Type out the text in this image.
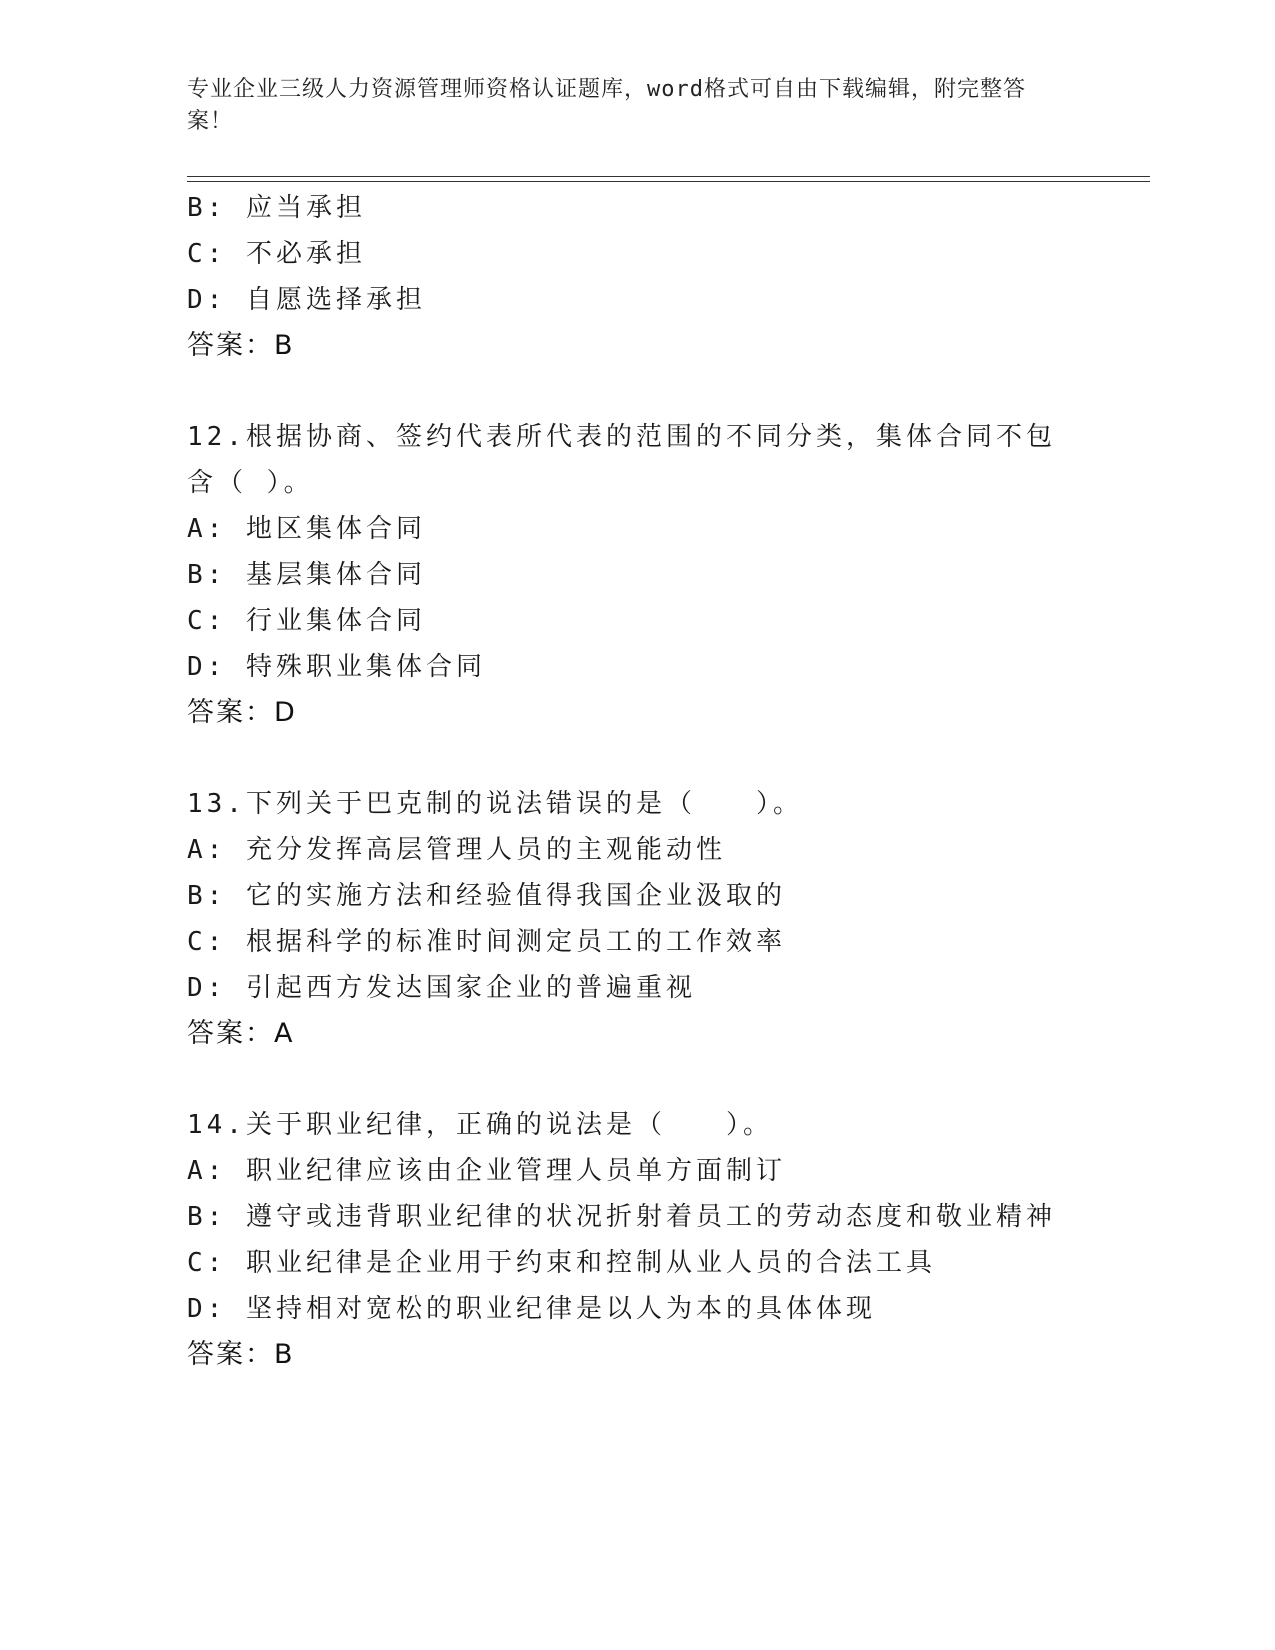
专业企业三级人力资源管理师资格认证题库，word格式可自由下载编辑，附完整答案！
B: 应当承担
C: 不必承担
D: 自愿选择承担
答案：B
12.根据协商、签约代表所代表的范围的不同分类，集体合同不包含（ ）。
A: 地区集体合同
B: 基层集体合同
C: 行业集体合同
D: 特殊职业集体合同
答案：D
13.下列关于巴克制的说法错误的是（　　）。
A: 充分发挥高层管理人员的主观能动性
B: 它的实施方法和经验值得我国企业汲取的
C: 根据科学的标准时间测定员工的工作效率
D: 引起西方发达国家企业的普遍重视
答案：A
14.关于职业纪律，正确的说法是（　　）。
A: 职业纪律应该由企业管理人员单方面制订
B: 遵守或违背职业纪律的状况折射着员工的劳动态度和敬业精神
C: 职业纪律是企业用于约束和控制从业人员的合法工具
D: 坚持相对宽松的职业纪律是以人为本的具体体现
答案：B
